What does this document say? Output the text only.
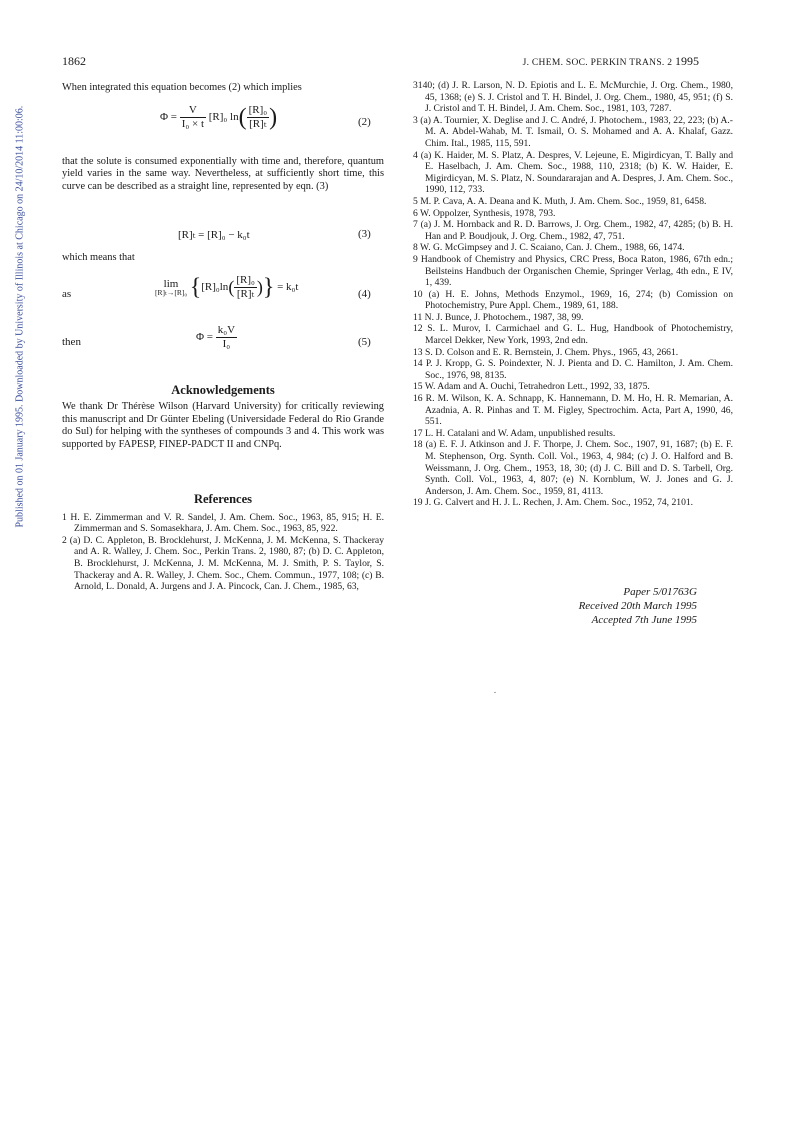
Published on 01 January 1995. Downloaded by University of Illinois at Chicago on 24/10/2014 11:00:06.
1862	J. CHEM. SOC. PERKIN TRANS. 2 1995

When integrated this equation becomes (2) which implies

$\Phi = \frac{V}{\text{I₀ × t}} [R]_0$ $\ln( \frac{\text{[R]₀}}{\text{[R]ₜ}}$ )	(2)

that the solute is consumed exponentially with time and, therefore, quantum yield varies in the same way. Nevertheless, at sufficiently short time, this curve can be described as a straight line, represented by eqn. (3)

[R]ₜ = [R]₀ − k₀t	(3)

which means that

as
lim
[R]ₜ→[R]₀ {$[R]_0\ln( \frac{\text{[R]₀}}{\text{[R]ₜ}}$ )} = k₀t
(4)
then	$\Phi = \frac{\text{k₀V}}{\text{I₀}}$	(5)
Acknowledgements

We thank Dr Thérèse Wilson (Harvard University) for critically reviewing this manuscript and Dr Günter Ebeling (Universidade Federal do Rio Grande do Sul) for helping with the syntheses of compounds 3 and 4. This work was supported by FAPESP, FINEP-PADCT II and CNPq.

References

1 H. E. Zimmerman and V. R. Sandel, J. Am. Chem. Soc., 1963, 85, 915; H. E. Zimmerman and S. Somasekhara, J. Am. Chem. Soc., 1963, 85, 922.

2 (a) D. C. Appleton, B. Brocklehurst, J. McKenna, J. M. McKenna, S. Thackeray and A. R. Walley, J. Chem. Soc., Perkin Trans. 2, 1980, 87; (b) D. C. Appleton, B. Brocklehurst, J. McKenna, J. M. McKenna, M. J. Smith, P. S. Taylor, S. Thackeray and A. R. Walley, J. Chem. Soc., Chem. Commun., 1977, 108; (c) B. Arnold, L. Donald, A. Jurgens and J. A. Pincock, Can. J. Chem., 1985, 63,

3140; (d) J. R. Larson, N. D. Epiotis and L. E. McMurchie, J. Org. Chem., 1980, 45, 1368; (e) S. J. Cristol and T. H. Bindel, J. Org. Chem., 1980, 45, 951; (f) S. J. Cristol and T. H. Bindel, J. Am. Chem. Soc., 1981, 103, 7287.

3 (a) A. Tournier, X. Deglise and J. C. André, J. Photochem., 1983, 22, 223; (b) A.-M. A. Abdel-Wahab, M. T. Ismail, O. S. Mohamed and A. A. Khalaf, Gazz. Chim. Ital., 1985, 115, 591.

4 (a) K. Haider, M. S. Platz, A. Despres, V. Lejeune, E. Migirdicyan, T. Bally and E. Haselbach, J. Am. Chem. Soc., 1988, 110, 2318; (b) K. W. Haider, E. Migirdicyan, M. S. Platz, N. Soundararajan and A. Despres, J. Am. Chem. Soc., 1990, 112, 733.

5 M. P. Cava, A. A. Deana and K. Muth, J. Am. Chem. Soc., 1959, 81, 6458.

6 W. Oppolzer, Synthesis, 1978, 793.

7 (a) J. M. Hornback and R. D. Barrows, J. Org. Chem., 1982, 47, 4285; (b) B. H. Han and P. Boudjouk, J. Org. Chem., 1982, 47, 751.

8 W. G. McGimpsey and J. C. Scaiano, Can. J. Chem., 1988, 66, 1474.

9 Handbook of Chemistry and Physics, CRC Press, Boca Raton, 1986, 67th edn.; Beilsteins Handbuch der Organischen Chemie, Springer Verlag, 4th edn., E IV, 1, 439.

10 (a) H. E. Johns, Methods Enzymol., 1969, 16, 274; (b) Comission on Photochemistry, Pure Appl. Chem., 1989, 61, 188.

11 N. J. Bunce, J. Photochem., 1987, 38, 99.

12 S. L. Murov, I. Carmichael and G. L. Hug, Handbook of Photochemistry, Marcel Dekker, New York, 1993, 2nd edn.

13 S. D. Colson and E. R. Bernstein, J. Chem. Phys., 1965, 43, 2661.

14 P. J. Kropp, G. S. Poindexter, N. J. Pienta and D. C. Hamilton, J. Am. Chem. Soc., 1976, 98, 8135.

15 W. Adam and A. Ouchi, Tetrahedron Lett., 1992, 33, 1875.

16 R. M. Wilson, K. A. Schnapp, K. Hannemann, D. M. Ho, H. R. Memarian, A. Azadnia, A. R. Pinhas and T. M. Figley, Spectrochim. Acta, Part A, 1990, 46, 551.

17 L. H. Catalani and W. Adam, unpublished results.

18 (a) E. F. J. Atkinson and J. F. Thorpe, J. Chem. Soc., 1907, 91, 1687; (b) E. F. M. Stephenson, Org. Synth. Coll. Vol., 1963, 4, 984; (c) J. O. Halford and B. Weissmann, J. Org. Chem., 1953, 18, 30; (d) J. C. Bill and D. S. Tarbell, Org. Synth. Coll. Vol., 1963, 4, 807; (e) N. Kornblum, W. J. Jones and G. J. Anderson, J. Am. Chem. Soc., 1959, 81, 4113.

19 J. G. Calvert and H. J. L. Rechen, J. Am. Chem. Soc., 1952, 74, 2101.

Paper 5/01763G
Received 20th March 1995
Accepted 7th June 1995
